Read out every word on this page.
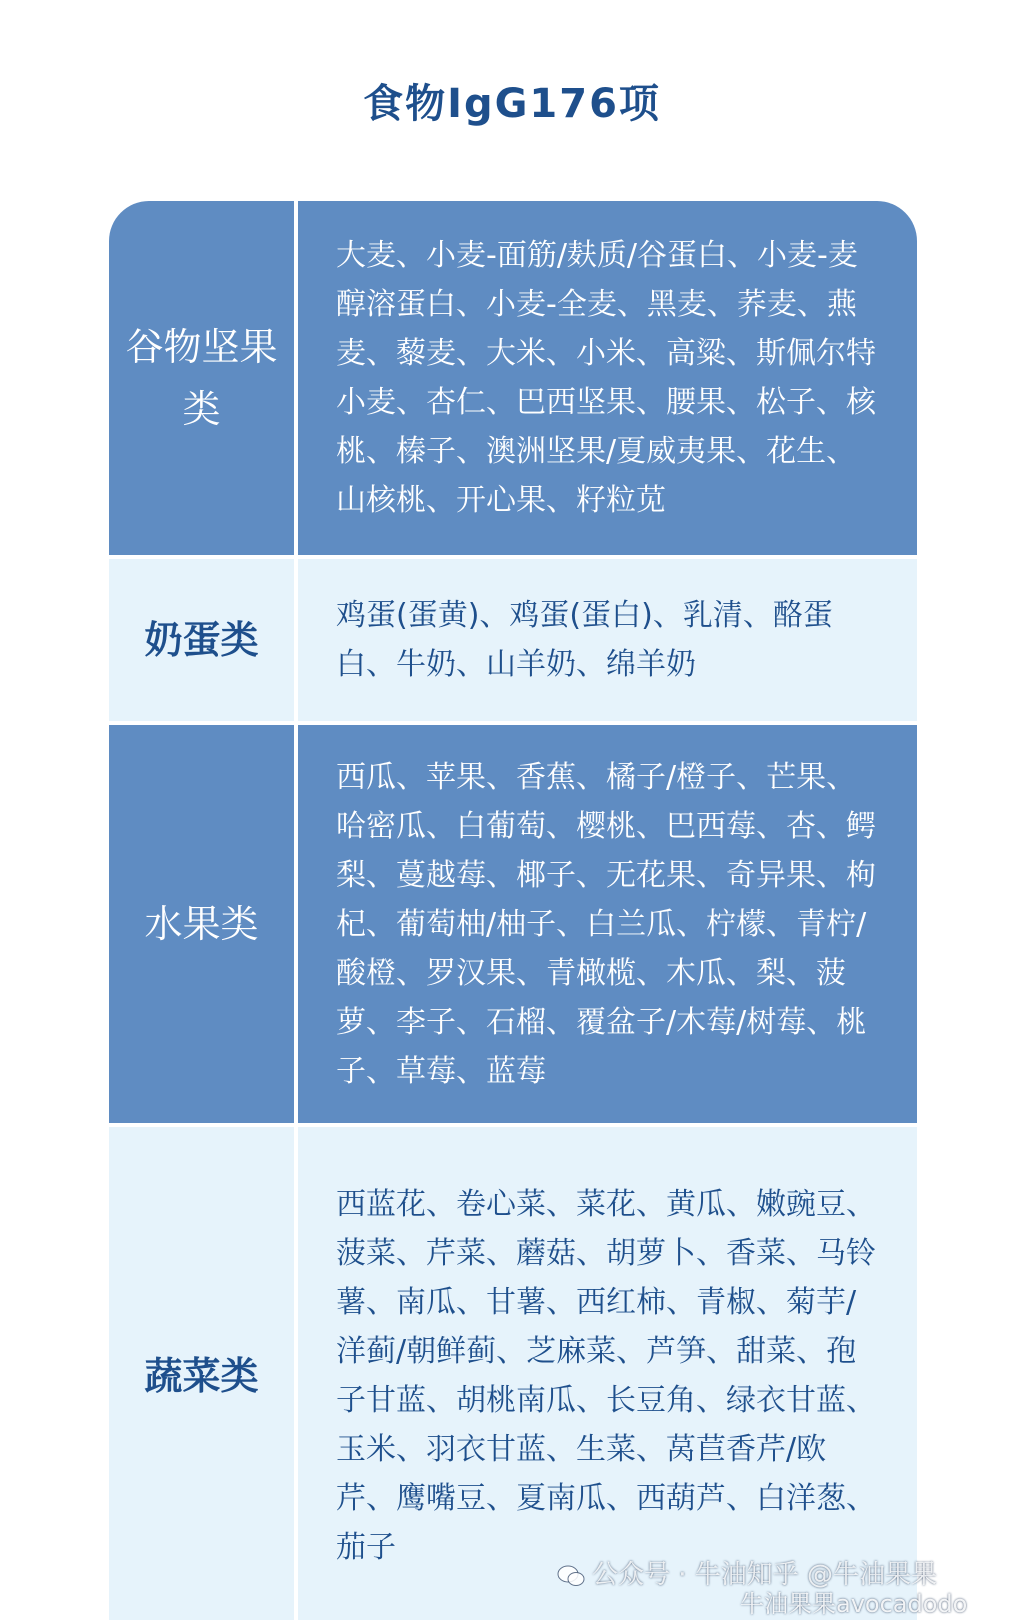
食物IgG176项
谷物坚果类
大麦、小麦-面筋/麸质/谷蛋白、小麦-麦醇溶蛋白、小麦-全麦、黑麦、荞麦、燕麦、藜麦、大米、小米、高粱、斯佩尔特小麦、杏仁、巴西坚果、腰果、松子、核桃、榛子、澳洲坚果/夏威夷果、花生、山核桃、开心果、籽粒苋
奶蛋类
鸡蛋(蛋黄)、鸡蛋(蛋白)、乳清、酪蛋白、牛奶、山羊奶、绵羊奶
水果类
西瓜、苹果、香蕉、橘子/橙子、芒果、哈密瓜、白葡萄、樱桃、巴西莓、杏、鳄梨、蔓越莓、椰子、无花果、奇异果、枸杞、葡萄柚/柚子、白兰瓜、柠檬、青柠/酸橙、罗汉果、青橄榄、木瓜、梨、菠萝、李子、石榴、覆盆子/木莓/树莓、桃子、草莓、蓝莓
蔬菜类
西蓝花、卷心菜、菜花、黄瓜、嫩豌豆、菠菜、芹菜、蘑菇、胡萝卜、香菜、马铃薯、南瓜、甘薯、西红柿、青椒、菊芋/洋蓟/朝鲜蓟、芝麻菜、芦笋、甜菜、孢子甘蓝、胡桃南瓜、长豆角、绿衣甘蓝、玉米、羽衣甘蓝、生菜、莴苣香芹/欧芹、鹰嘴豆、夏南瓜、西葫芦、白洋葱、茄子
公众号 · 牛油知乎 @牛油果果
牛油果果avocadodo
